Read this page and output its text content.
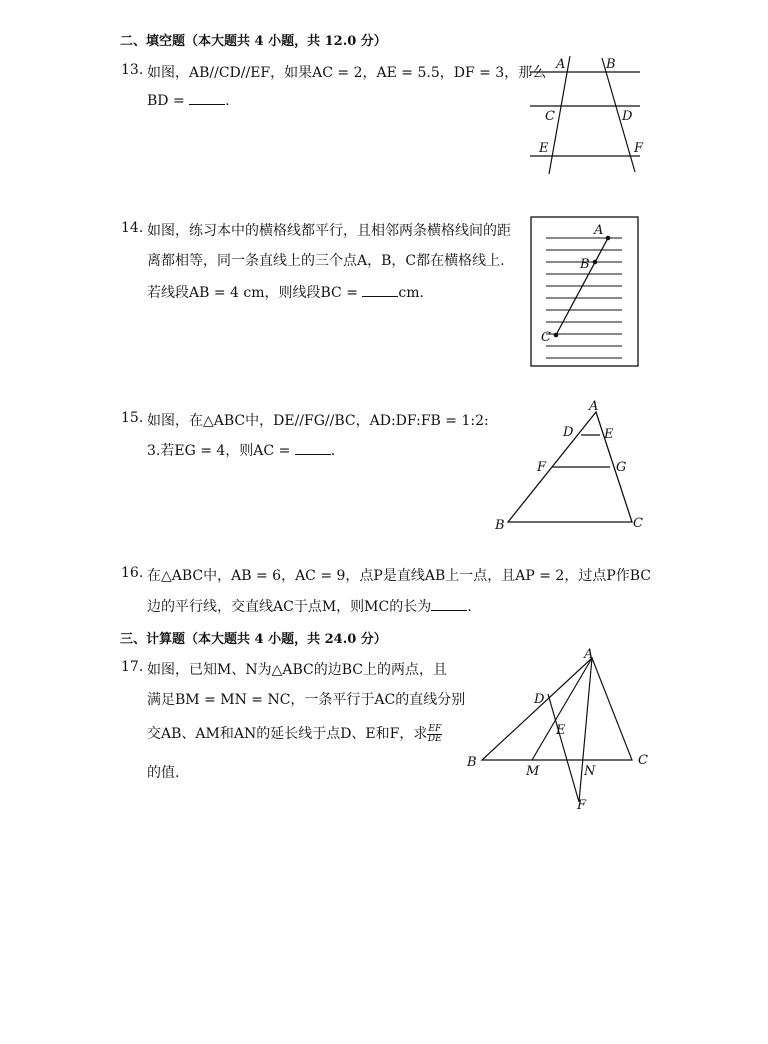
二、填空题（本大题共 4 小题，共 12.0 分）
13. 如图，AB//CD//EF，如果AC = 2，AE = 5.5，DF = 3，那么
BD =	.
A	B
C	D
E	F
14. 如图，练习本中的横格线都平行，且相邻两条横格线间的距
离都相等，同一条直线上的三个点A，B，C都在横格线上.
若线段AB = 4 cm，则线段BC =	cm.
A
B
C
15. 如图，在△ABC中，DE//FG//BC，AD:DF:FB = 1:2:
3.若EG = 4，则AC =	.
A
D E
F	G
B	C
16. 在△ABC中，AB = 6，AC = 9，点P是直线AB上一点，且AP = 2，过点P作BC
边的平行线，交直线AC于点M，则MC的长为	.
三、计算题（本大题共 4 小题，共 24.0 分）
17. 如图，已知M、N为△ABC的边BC上的两点，且
满足BM = MN = NC，一条平行于AC的直线分别
交AB、AM和AN的延长线于点D、E和F，求 $\frac{EF}{DE}$
的值.
A
D
E
B
M	N
C
F
